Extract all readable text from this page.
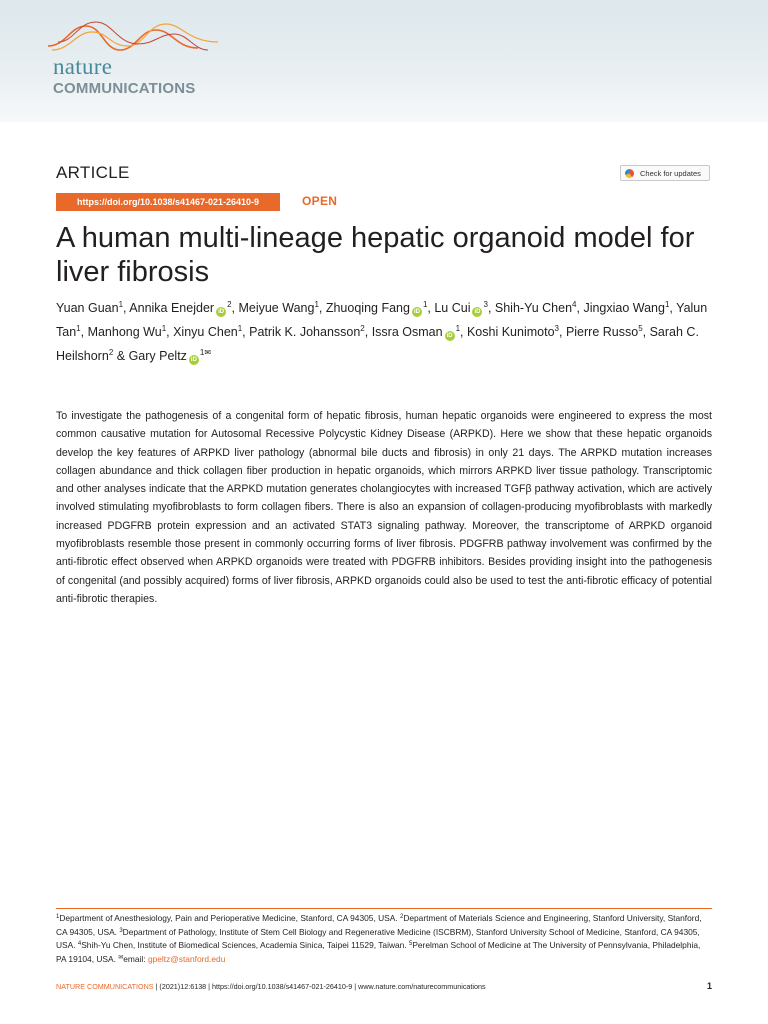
nature
COMMUNICATIONS
ARTICLE	Check for updates
https://doi.org/10.1038/s41467-021-26410-9	OPEN
A human multi-lineage hepatic organoid model for liver fibrosis
Yuan Guan$^1$, Annika Enejder $iD^2$, Meiyue Wang$^1$, Zhuoqing Fang $iD^1$, Lu Cui $iD^3$, Shih-Yu Chen$^4$, Jingxiao Wang$^1$, Yalun Tan$^1$, Manhong Wu$^1$, Xinyu Chen$^1$, Patrik K. Johansson$^2$, Issra Osman $iD^1$, Koshi Kunimoto$^3$, Pierre Russo$^5$, Sarah C. Heilshorn$^2$ & Gary Peltz $iD^{1✉}$

To investigate the pathogenesis of a congenital form of hepatic fibrosis, human hepatic organoids were engineered to express the most common causative mutation for Autosomal Recessive Polycystic Kidney Disease (ARPKD). Here we show that these hepatic organoids develop the key features of ARPKD liver pathology (abnormal bile ducts and fibrosis) in only 21 days. The ARPKD mutation increases collagen abundance and thick collagen fiber production in hepatic organoids, which mirrors ARPKD liver tissue pathology. Transcriptomic and other analyses indicate that the ARPKD mutation generates cholangiocytes with increased TGFβ pathway activation, which are actively involved stimulating myofibroblasts to form collagen fibers. There is also an expansion of collagen-producing myofibroblasts with markedly increased PDGFRB protein expression and an activated STAT3 signaling pathway. Moreover, the transcriptome of ARPKD organoid myofibroblasts resemble those present in commonly occurring forms of liver fibrosis. PDGFRB pathway involvement was confirmed by the anti-fibrotic effect observed when ARPKD organoids were treated with PDGFRB inhibitors. Besides providing insight into the pathogenesis of congenital (and possibly acquired) forms of liver fibrosis, ARPKD organoids could also be used to test the anti-fibrotic efficacy of potential anti-fibrotic therapies.

$^1$Department of Anesthesiology, Pain and Perioperative Medicine, Stanford, CA 94305, USA. $^2$Department of Materials Science and Engineering, Stanford University, Stanford, CA 94305, USA. $^3$Department of Pathology, Institute of Stem Cell Biology and Regenerative Medicine (ISCBRM), Stanford University School of Medicine, Stanford, CA 94305, USA. $^4$Shih-Yu Chen, Institute of Biomedical Sciences, Academia Sinica, Taipei 11529, Taiwan. $^5$Perelman School of Medicine at The University of Pennsylvania, Philadelphia, PA 19104, USA. ✉email: gpeltz@stanford.edu

NATURE COMMUNICATIONS | (2021)12:6138 | https://doi.org/10.1038/s41467-021-26410-9 | www.nature.com/naturecommunications	1
